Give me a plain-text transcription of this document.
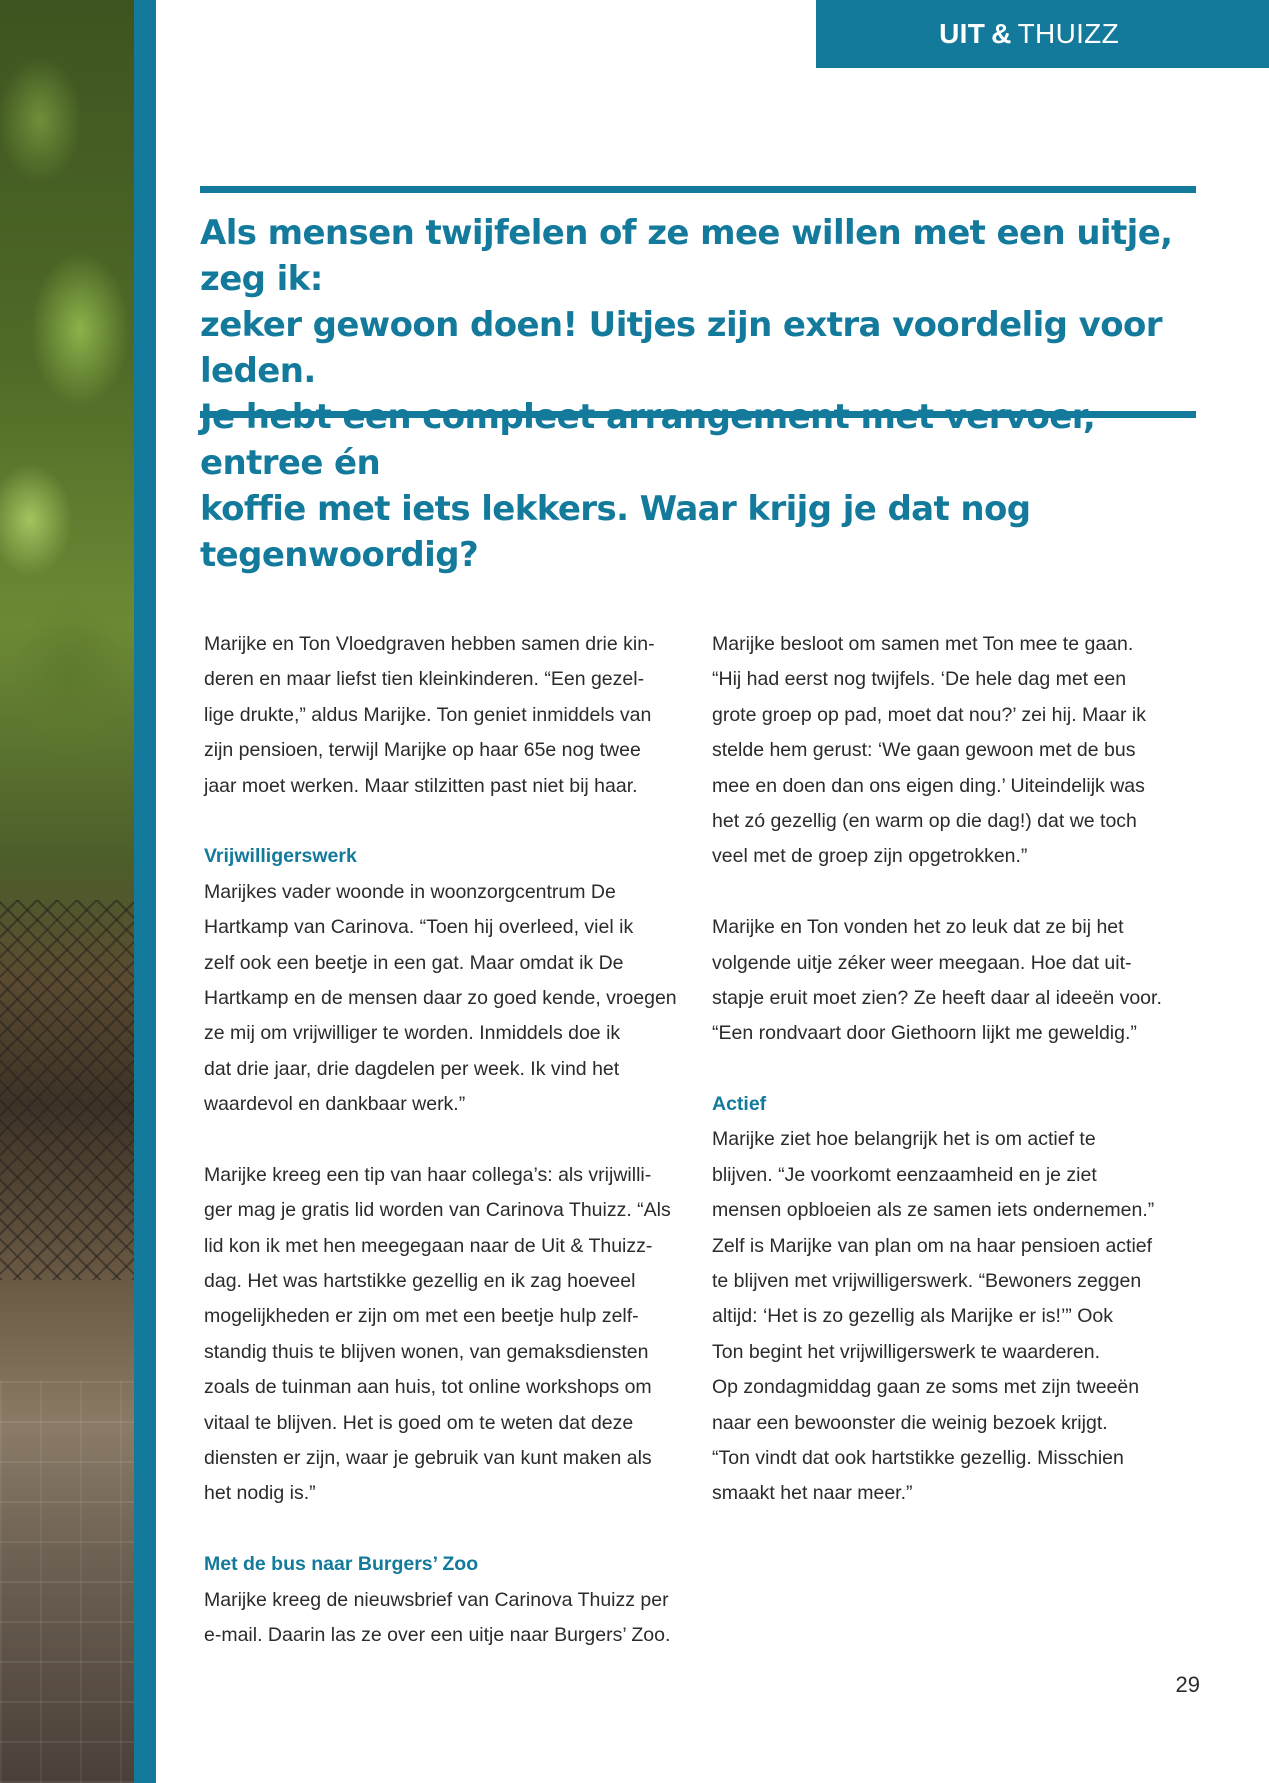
UIT & THUIZZ

Als mensen twijfelen of ze mee willen met een uitje, zeg ik:
zeker gewoon doen! Uitjes zijn extra voordelig voor leden.
entree én
koffie met iets lekkers. Waar krijg je dat nog tegenwoordig?

Marijke en Ton Vloedgraven hebben samen drie kin-
deren en maar liefst tien kleinkinderen. “Een gezel-
lige drukte,” aldus Marijke. Ton geniet inmiddels van
zijn pensioen, terwijl Marijke op haar 65e nog twee
jaar moet werken. Maar stilzitten past niet bij haar.
Vrijwilligerswerk
Marijkes vader woonde in woonzorgcentrum De
Hartkamp van Carinova. “Toen hij overleed, viel ik
zelf ook een beetje in een gat. Maar omdat ik De
Hartkamp en de mensen daar zo goed kende, vroegen
ze mij om vrijwilliger te worden. Inmiddels doe ik
dat drie jaar, drie dagdelen per week. Ik vind het
waardevol en dankbaar werk.”
Marijke kreeg een tip van haar collega’s: als vrijwilli-
ger mag je gratis lid worden van Carinova Thuizz. “Als
lid kon ik met hen meegegaan naar de Uit & Thuizz-
dag. Het was hartstikke gezellig en ik zag hoeveel
mogelijkheden er zijn om met een beetje hulp zelf-
standig thuis te blijven wonen, van gemaksdiensten
zoals de tuinman aan huis, tot online workshops om
vitaal te blijven. Het is goed om te weten dat deze
diensten er zijn, waar je gebruik van kunt maken als
het nodig is.”
Met de bus naar Burgers’ Zoo
Marijke kreeg de nieuwsbrief van Carinova Thuizz per
e-mail. Daarin las ze over een uitje naar Burgers’ Zoo.
Marijke besloot om samen met Ton mee te gaan.
“Hij had eerst nog twijfels. ‘De hele dag met een
grote groep op pad, moet dat nou?’ zei hij. Maar ik
stelde hem gerust: ‘We gaan gewoon met de bus
mee en doen dan ons eigen ding.’ Uiteindelijk was
het zó gezellig (en warm op die dag!) dat we toch
veel met de groep zijn opgetrokken.”
Marijke en Ton vonden het zo leuk dat ze bij het
volgende uitje zéker weer meegaan. Hoe dat uit-
stapje eruit moet zien? Ze heeft daar al ideeën voor.
“Een rondvaart door Giethoorn lijkt me geweldig.”
Actief
Marijke ziet hoe belangrijk het is om actief te
blijven. “Je voorkomt eenzaamheid en je ziet
mensen opbloeien als ze samen iets ondernemen.”
Zelf is Marijke van plan om na haar pensioen actief
te blijven met vrijwilligerswerk. “Bewoners zeggen
altijd: ‘Het is zo gezellig als Marijke er is!’” Ook
Ton begint het vrijwilligerswerk te waarderen.
Op zondagmiddag gaan ze soms met zijn tweeën
naar een bewoonster die weinig bezoek krijgt.
“Ton vindt dat ook hartstikke gezellig. Misschien
smaakt het naar meer.”
29
